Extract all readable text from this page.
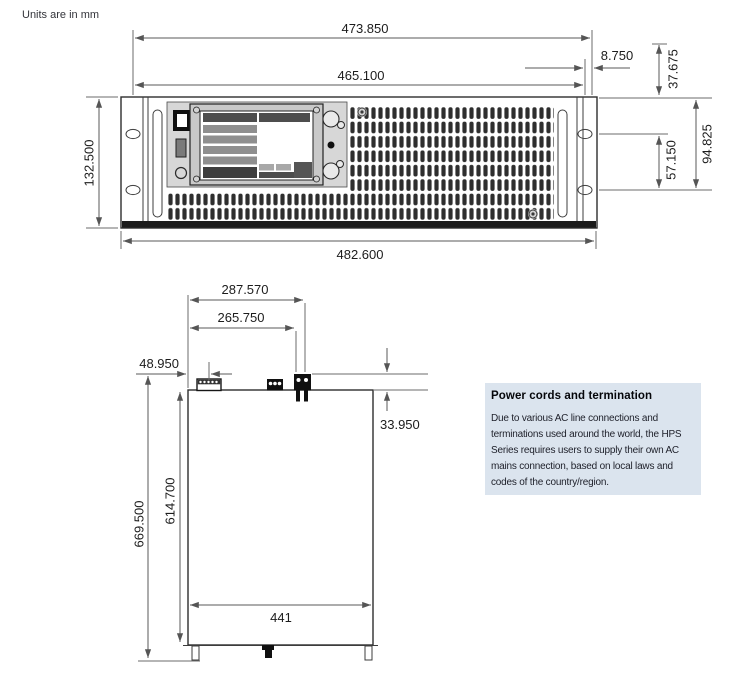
Units are in mm
473.850
465.100
8.750 37.675
132.500	94.825
57.150
482.600
287.570
265.750
48.950
33.950
669.500 614.700
441
Power cords and termination
Due to various AC line connections and
terminations used around the world, the HPS
Series requires users to supply their own AC
mains connection, based on local laws and
codes of the country/region.
